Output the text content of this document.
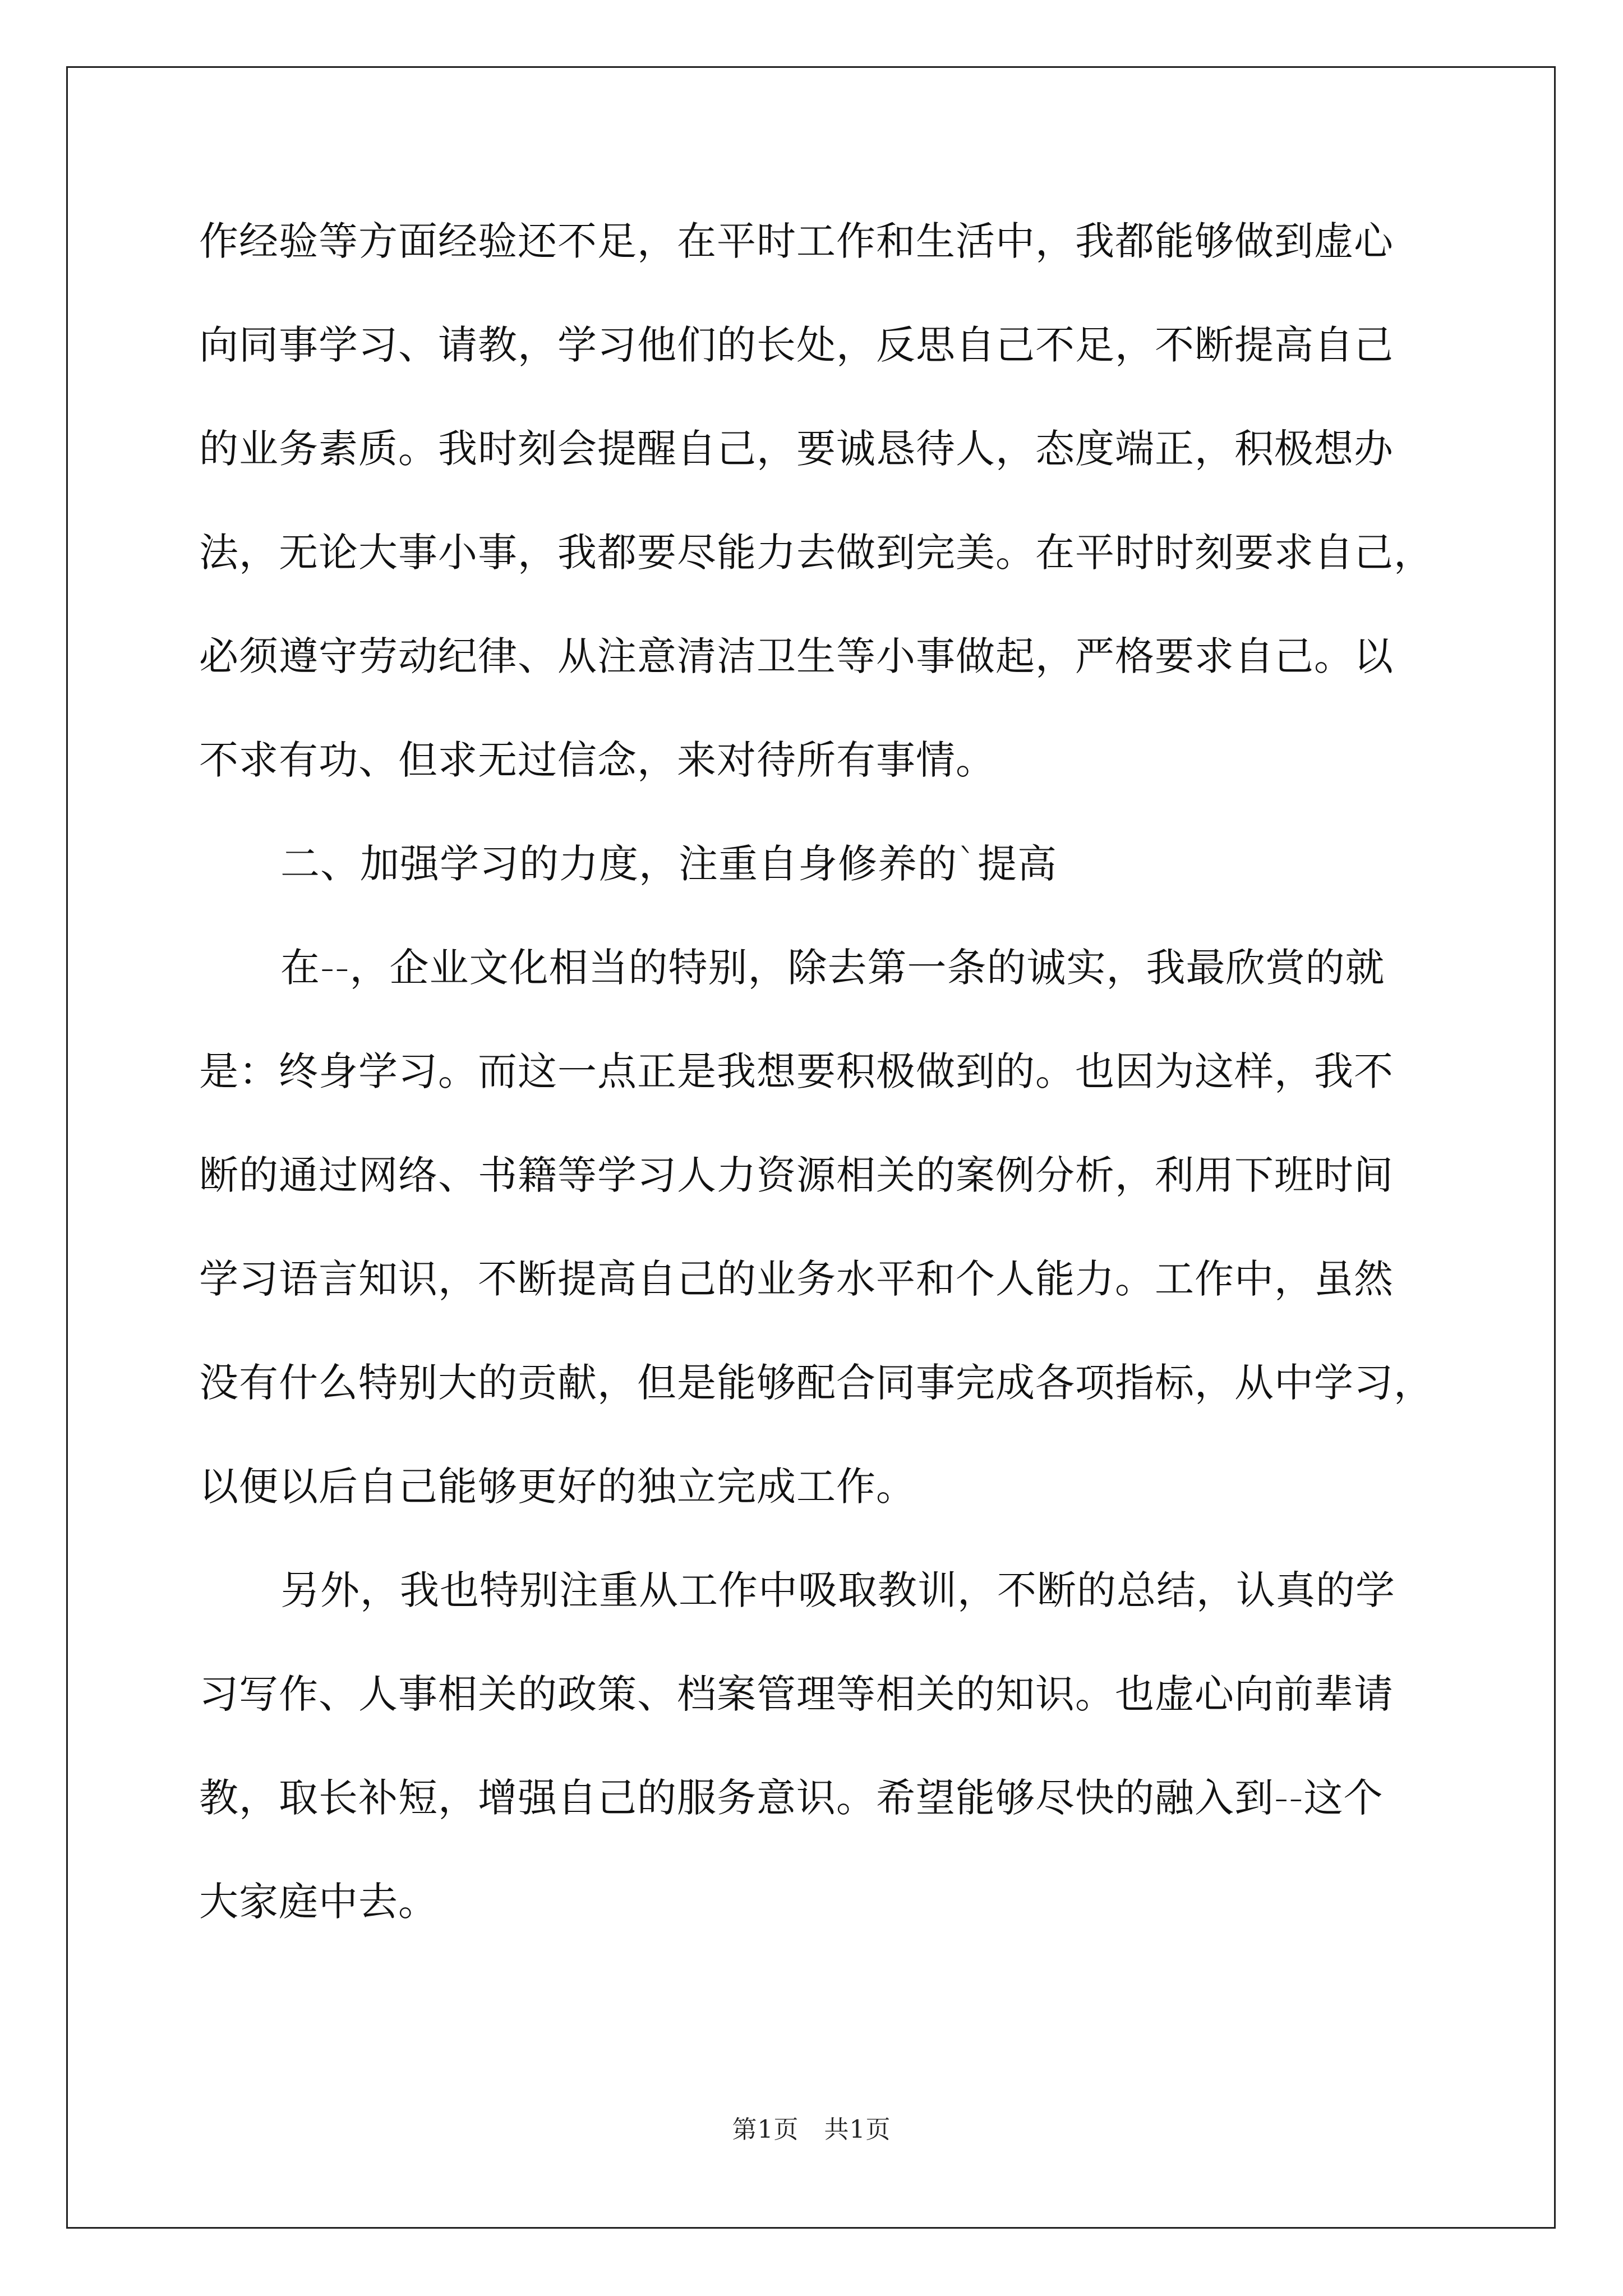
作经验等方面经验还不足，在平时工作和生活中，我都能够做到虚心
向同事学习、请教，学习他们的长处，反思自己不足，不断提高自己
的业务素质。我时刻会提醒自己，要诚恳待人，态度端正，积极想办
法，无论大事小事，我都要尽能力去做到完美。在平时时刻要求自己，
必须遵守劳动纪律、从注意清洁卫生等小事做起，严格要求自己。以
不求有功、但求无过信念，来对待所有事情。
二、加强学习的力度，注重自身修养的`提高
在--，企业文化相当的特别，除去第一条的诚实，我最欣赏的就
是：终身学习。而这一点正是我想要积极做到的。也因为这样，我不
断的通过网络、书籍等学习人力资源相关的案例分析，利用下班时间
学习语言知识，不断提高自己的业务水平和个人能力。工作中，虽然
没有什么特别大的贡献，但是能够配合同事完成各项指标，从中学习，
以便以后自己能够更好的独立完成工作。
另外，我也特别注重从工作中吸取教训，不断的总结，认真的学
习写作、人事相关的政策、档案管理等相关的知识。也虚心向前辈请
教，取长补短，增强自己的服务意识。希望能够尽快的融入到--这个
大家庭中去。
第1页 共1页
